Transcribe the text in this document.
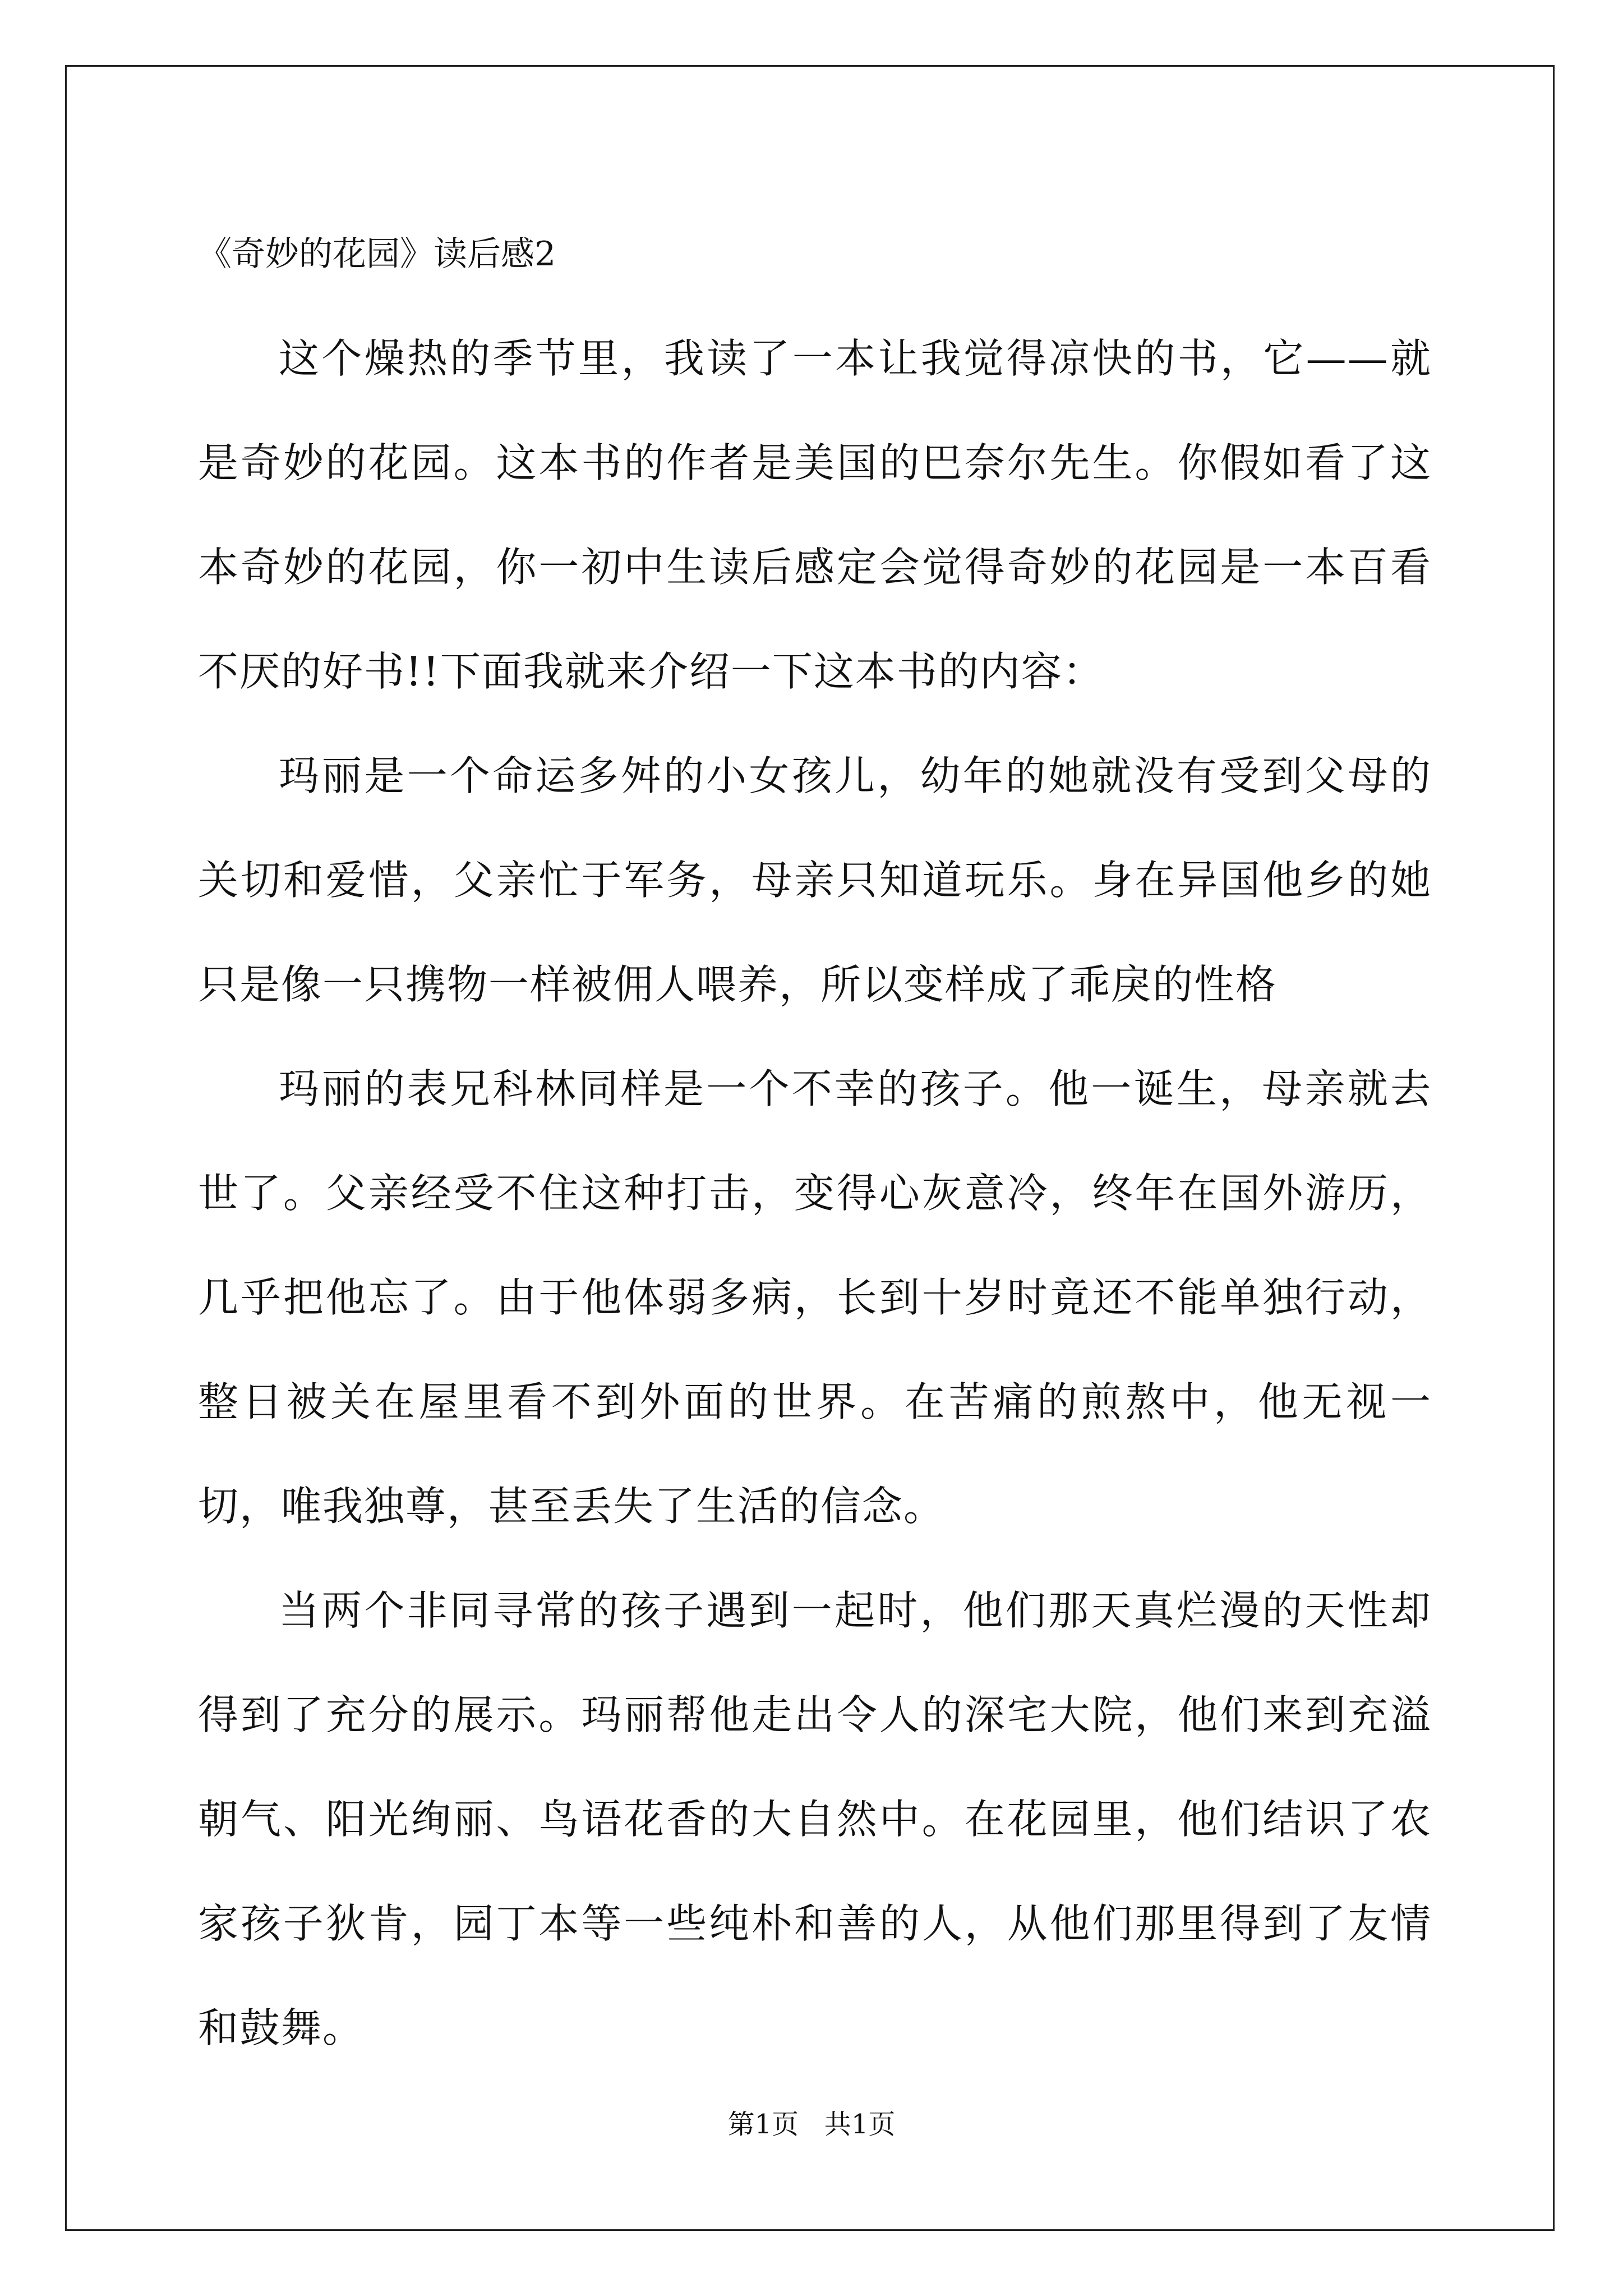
《奇妙的花园》读后感2

这个燥热的季节里，我读了一本让我觉得凉快的书，它——就是奇妙的花园。这本书的作者是美国的巴奈尔先生。你假如看了这本奇妙的花园，你一初中生读后感定会觉得奇妙的花园是一本百看不厌的好书!!下面我就来介绍一下这本书的内容：

玛丽是一个命运多舛的小女孩儿，幼年的她就没有受到父母的关切和爱惜，父亲忙于军务，母亲只知道玩乐。身在异国他乡的她只是像一只携物一样被佣人喂养，所以变样成了乖戾的性格

玛丽的表兄科林同样是一个不幸的孩子。他一诞生，母亲就去世了。父亲经受不住这种打击，变得心灰意冷，终年在国外游历，几乎把他忘了。由于他体弱多病，长到十岁时竟还不能单独行动，整日被关在屋里看不到外面的世界。在苦痛的煎熬中，他无视一切，唯我独尊，甚至丢失了生活的信念。

当两个非同寻常的孩子遇到一起时，他们那天真烂漫的天性却得到了充分的展示。玛丽帮他走出令人的深宅大院，他们来到充溢朝气、阳光绚丽、鸟语花香的大自然中。在花园里，他们结识了农家孩子狄肯，园丁本等一些纯朴和善的人，从他们那里得到了友情和鼓舞。

第1页   共1页
